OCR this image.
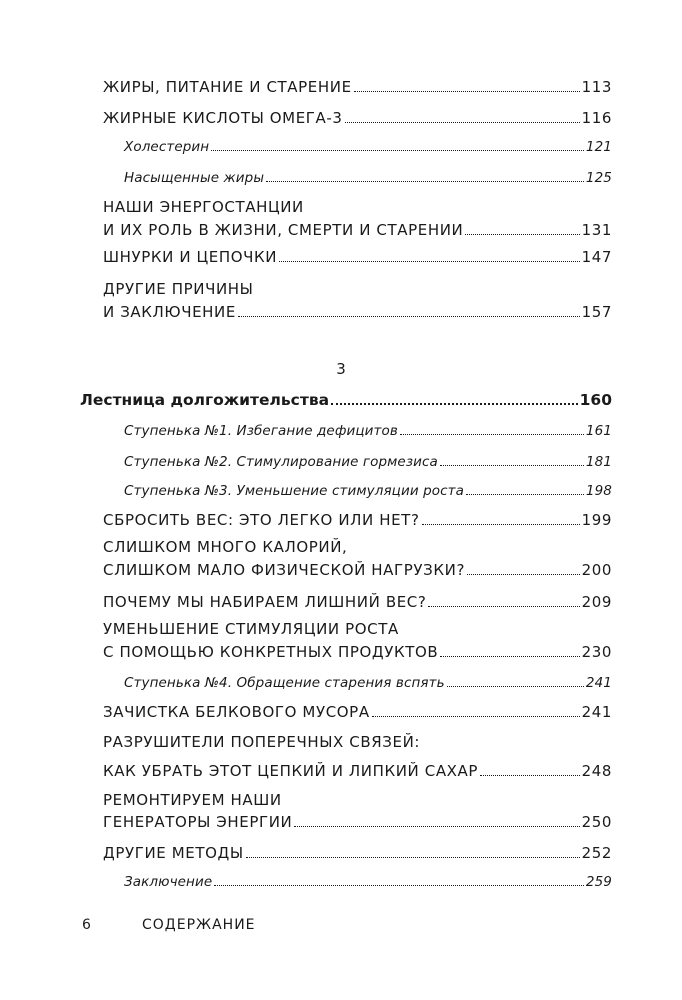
ЖИРЫ, ПИТАНИЕ И СТАРЕНИЕ	113
ЖИРНЫЕ КИСЛОТЫ ОМЕГА-3	116
Холестерин	121
Насыщенные жиры	125
НАШИ ЭНЕРГОСТАНЦИИ
И ИХ РОЛЬ В ЖИЗНИ, СМЕРТИ И СТАРЕНИИ	131
ШНУРКИ И ЦЕПОЧКИ	147
ДРУГИЕ ПРИЧИНЫ
И ЗАКЛЮЧЕНИЕ	157
3
Лестница долгожительства	160
Ступенька №1. Избегание дефицитов	161
Ступенька №2. Стимулирование гормезиса	181
Ступенька №3. Уменьшение стимуляции роста	198
СБРОСИТЬ ВЕС: ЭТО ЛЕГКО ИЛИ НЕТ?	199
СЛИШКОМ МНОГО КАЛОРИЙ,
СЛИШКОМ МАЛО ФИЗИЧЕСКОЙ НАГРУЗКИ?	200
ПОЧЕМУ МЫ НАБИРАЕМ ЛИШНИЙ ВЕС?	209
УМЕНЬШЕНИЕ СТИМУЛЯЦИИ РОСТА
С ПОМОЩЬЮ КОНКРЕТНЫХ ПРОДУКТОВ	230
Ступенька №4. Обращение старения вспять	241
ЗАЧИСТКА БЕЛКОВОГО МУСОРА	241
РАЗРУШИТЕЛИ ПОПЕРЕЧНЫХ СВЯЗЕЙ:
КАК УБРАТЬ ЭТОТ ЦЕПКИЙ И ЛИПКИЙ САХАР	248
РЕМОНТИРУЕМ НАШИ
ГЕНЕРАТОРЫ ЭНЕРГИИ	250
ДРУГИЕ МЕТОДЫ	252
Заключение	259
6	СОДЕРЖАНИЕ
